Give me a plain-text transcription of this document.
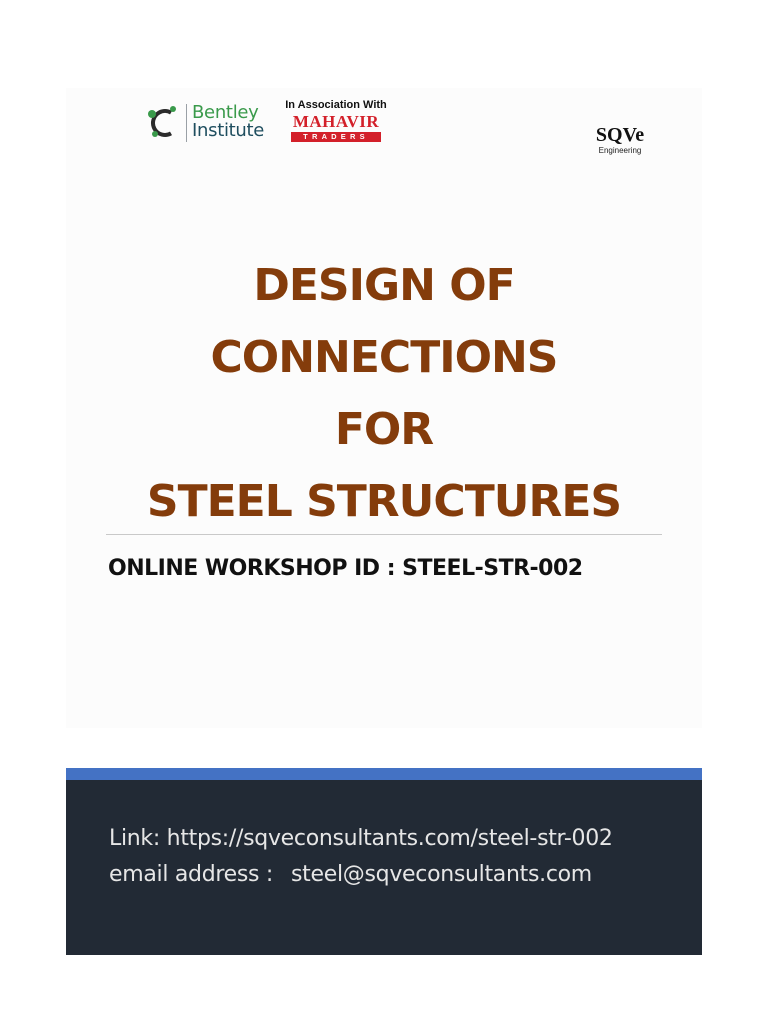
Bentley
Institute
In Association With
MAHAVIR
TRADERS	SQVe
Engineering
DESIGN OF
CONNECTIONS
FOR
STEEL STRUCTURES
ONLINE WORKSHOP ID : STEEL-STR-002
Link: https://sqveconsultants.com/steel-str-002
email address : steel@sqveconsultants.com
